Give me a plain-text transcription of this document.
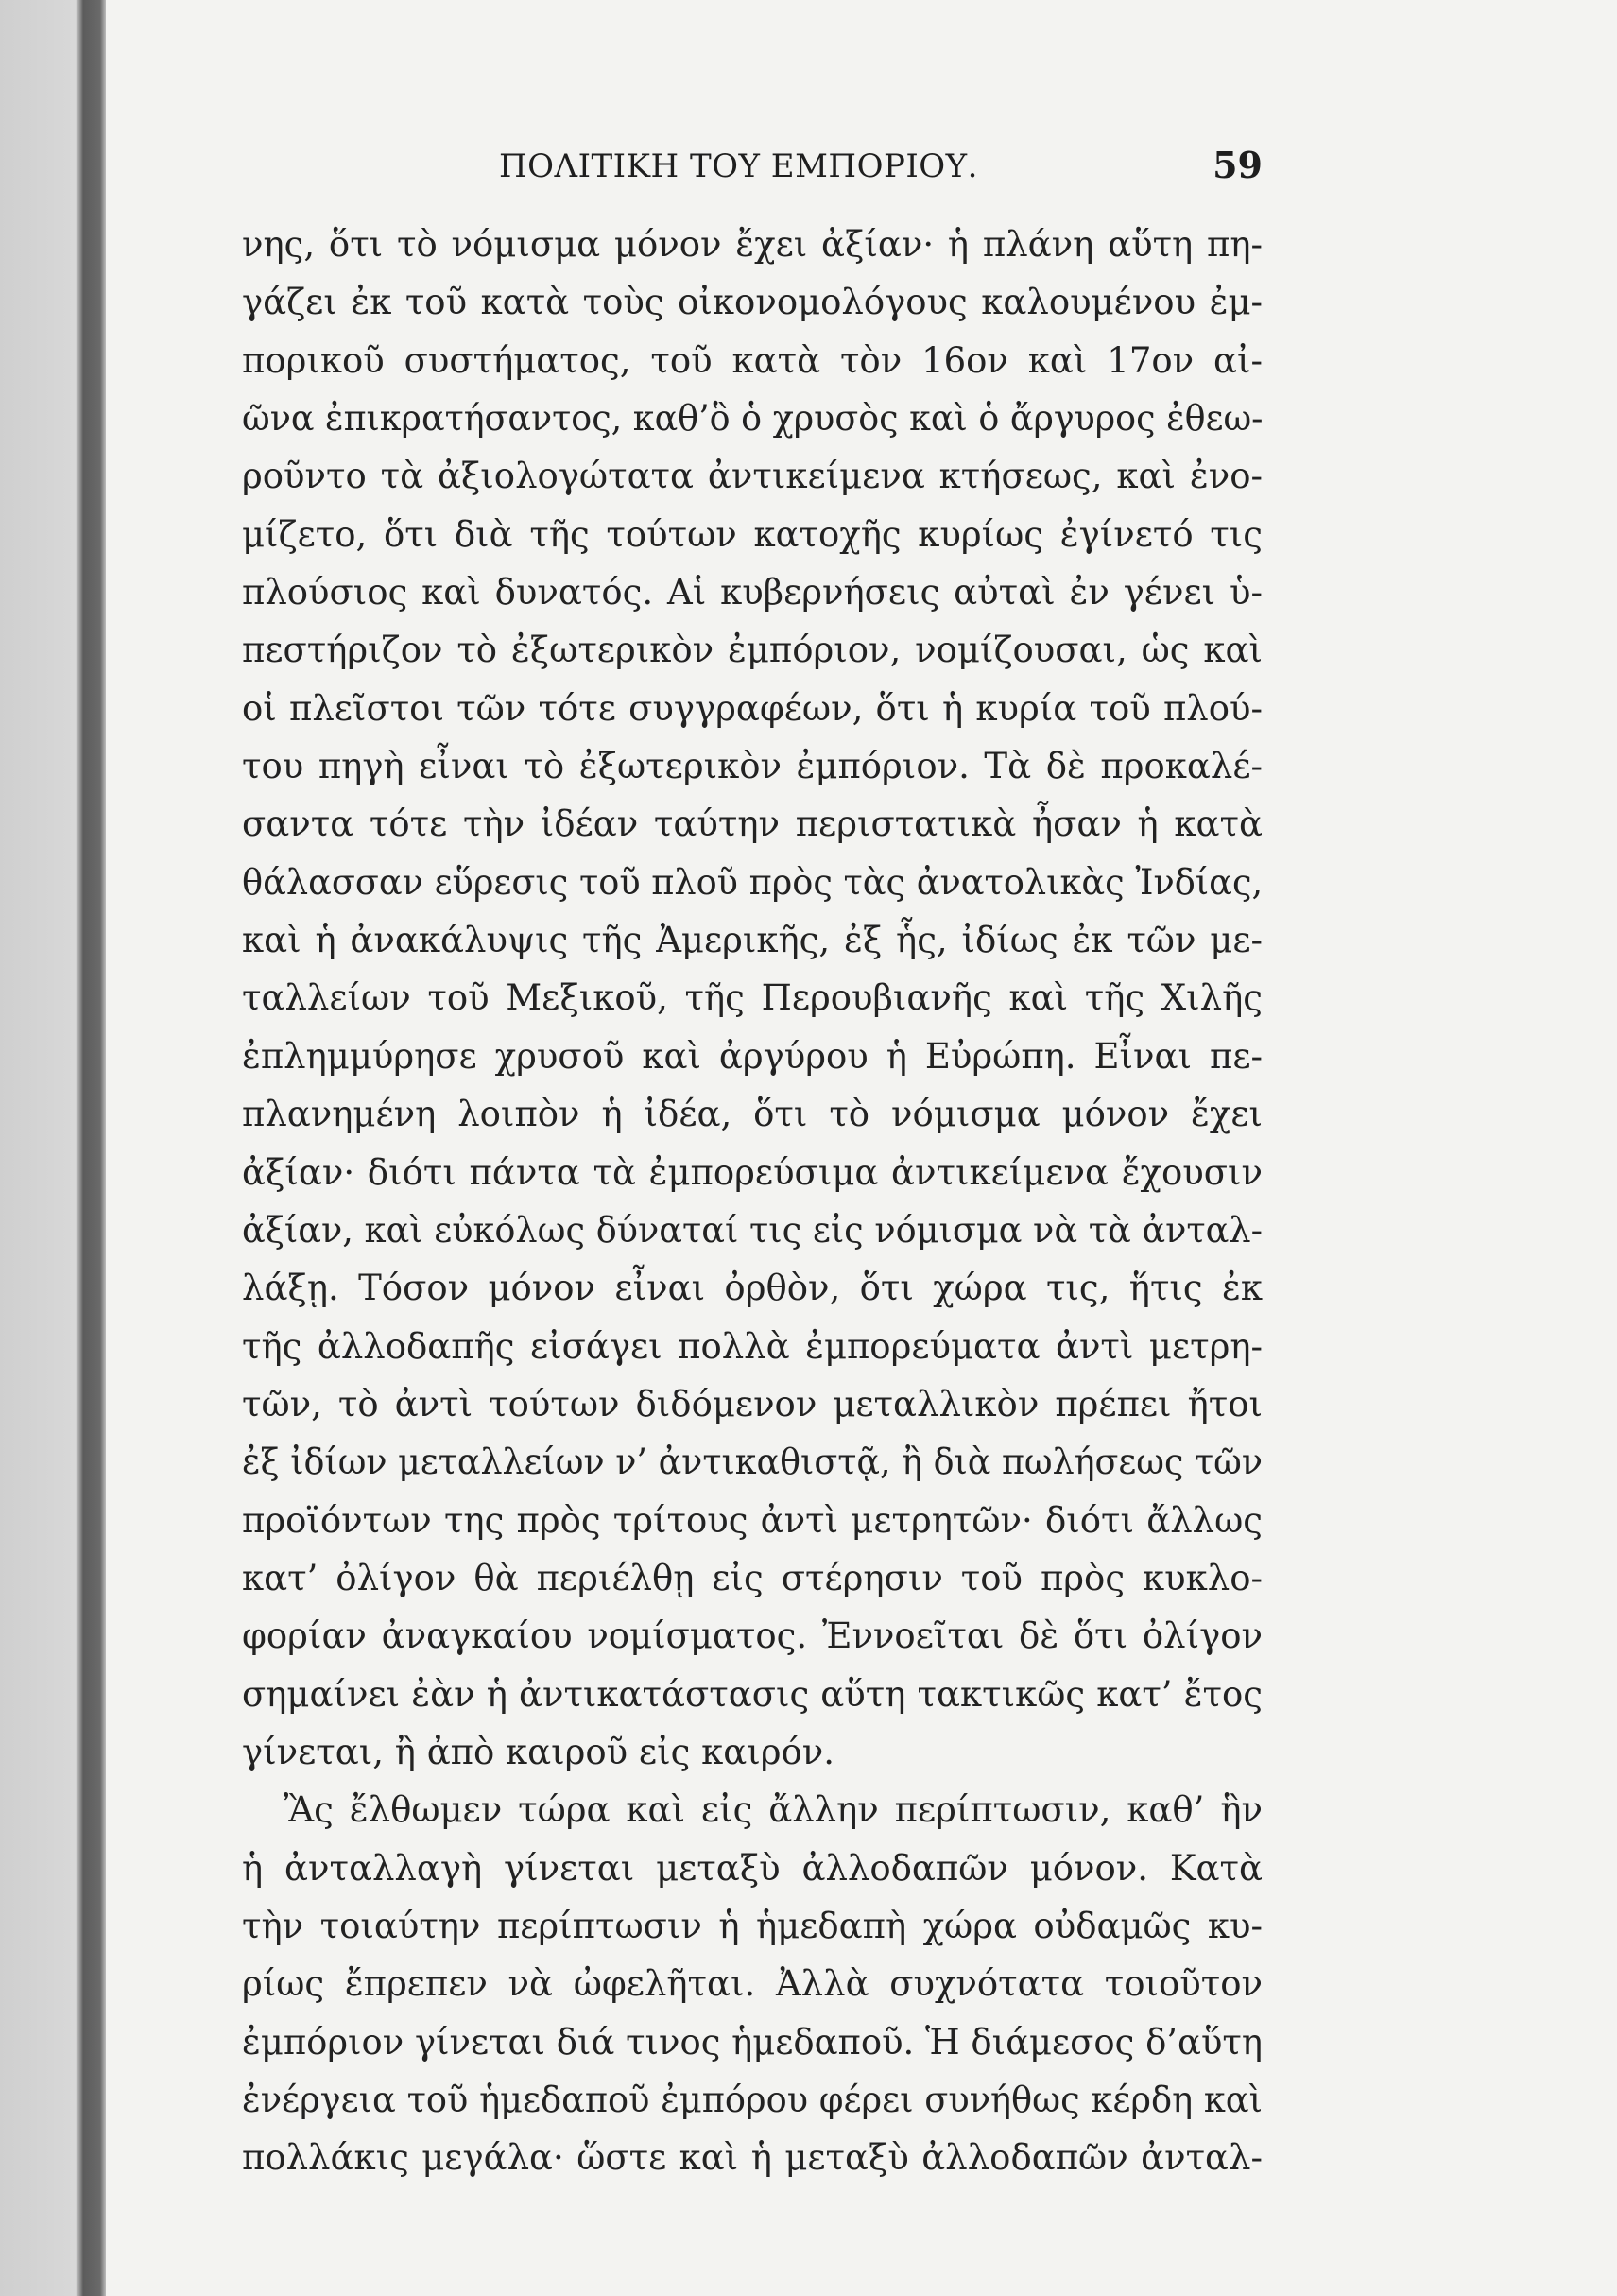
ΠΟΛΙΤΙΚΗ ΤΟΥ ΕΜΠΟΡΙΟΥ.	59
νης, ὅτι τὸ νόμισμα μόνον ἔχει ἀξίαν· ἡ πλάνη αὕτη πη-
γάζει ἐκ τοῦ κατὰ τοὺς οἰκονομολόγους καλουμένου ἐμ-
πορικοῦ συστήματος, τοῦ κατὰ τὸν 16ον καὶ 17ον αἰ-
ῶνα ἐπικρατήσαντος, καθ’ὃ ὁ χρυσὸς καὶ ὁ ἄργυρος ἐθεω-
ροῦντο τὰ ἀξιολογώτατα ἀντικείμενα κτήσεως, καὶ ἐνο-
μίζετο, ὅτι διὰ τῆς τούτων κατοχῆς κυρίως ἐγίνετό τις
πλούσιος καὶ δυνατός. Αἱ κυβερνήσεις αὐταὶ ἐν γένει ὑ-
πεστήριζον τὸ ἐξωτερικὸν ἐμπόριον, νομίζουσαι, ὡς καὶ
οἱ πλεῖστοι τῶν τότε συγγραφέων, ὅτι ἡ κυρία τοῦ πλού-
του πηγὴ εἶναι τὸ ἐξωτερικὸν ἐμπόριον. Τὰ δὲ προκαλέ-
σαντα τότε τὴν ἰδέαν ταύτην περιστατικὰ ἦσαν ἡ κατὰ
θάλασσαν εὕρεσις τοῦ πλοῦ πρὸς τὰς ἀνατολικὰς Ἰνδίας,
καὶ ἡ ἀνακάλυψις τῆς Ἀμερικῆς, ἐξ ἧς, ἰδίως ἐκ τῶν με-
ταλλείων τοῦ Μεξικοῦ, τῆς Περουβιανῆς καὶ τῆς Χιλῆς
ἐπλημμύρησε χρυσοῦ καὶ ἀργύρου ἡ Εὐρώπη. Εἶναι πε-
πλανημένη λοιπὸν ἡ ἰδέα, ὅτι τὸ νόμισμα μόνον ἔχει
ἀξίαν· διότι πάντα τὰ ἐμπορεύσιμα ἀντικείμενα ἔχουσιν
ἀξίαν, καὶ εὐκόλως δύναταί τις εἰς νόμισμα νὰ τὰ ἀνταλ-
λάξῃ. Τόσον μόνον εἶναι ὀρθὸν, ὅτι χώρα τις, ἥτις ἐκ
τῆς ἀλλοδαπῆς εἰσάγει πολλὰ ἐμπορεύματα ἀντὶ μετρη-
τῶν, τὸ ἀντὶ τούτων διδόμενον μεταλλικὸν πρέπει ἤτοι
ἐξ ἰδίων μεταλλείων ν’ ἀντικαθιστᾷ, ἢ διὰ πωλήσεως τῶν
προϊόντων της πρὸς τρίτους ἀντὶ μετρητῶν· διότι ἄλλως
κατ’ ὀλίγον θὰ περιέλθῃ εἰς στέρησιν τοῦ πρὸς κυκλο-
φορίαν ἀναγκαίου νομίσματος. Ἐννοεῖται δὲ ὅτι ὀλίγον
σημαίνει ἐὰν ἡ ἀντικατάστασις αὕτη τακτικῶς κατ’ ἔτος
γίνεται, ἢ ἀπὸ καιροῦ εἰς καιρόν.
Ἂς ἔλθωμεν τώρα καὶ εἰς ἄλλην περίπτωσιν, καθ’ ἣν
ἡ ἀνταλλαγὴ γίνεται μεταξὺ ἀλλοδαπῶν μόνον. Κατὰ
τὴν τοιαύτην περίπτωσιν ἡ ἡμεδαπὴ χώρα οὐδαμῶς κυ-
ρίως ἔπρεπεν νὰ ὠφελῆται. Ἀλλὰ συχνότατα τοιοῦτον
ἐμπόριον γίνεται διά τινος ἡμεδαποῦ. Ἡ διάμεσος δ’αὕτη
ἐνέργεια τοῦ ἡμεδαποῦ ἐμπόρου φέρει συνήθως κέρδη καὶ
πολλάκις μεγάλα· ὥστε καὶ ἡ μεταξὺ ἀλλοδαπῶν ἀνταλ-
